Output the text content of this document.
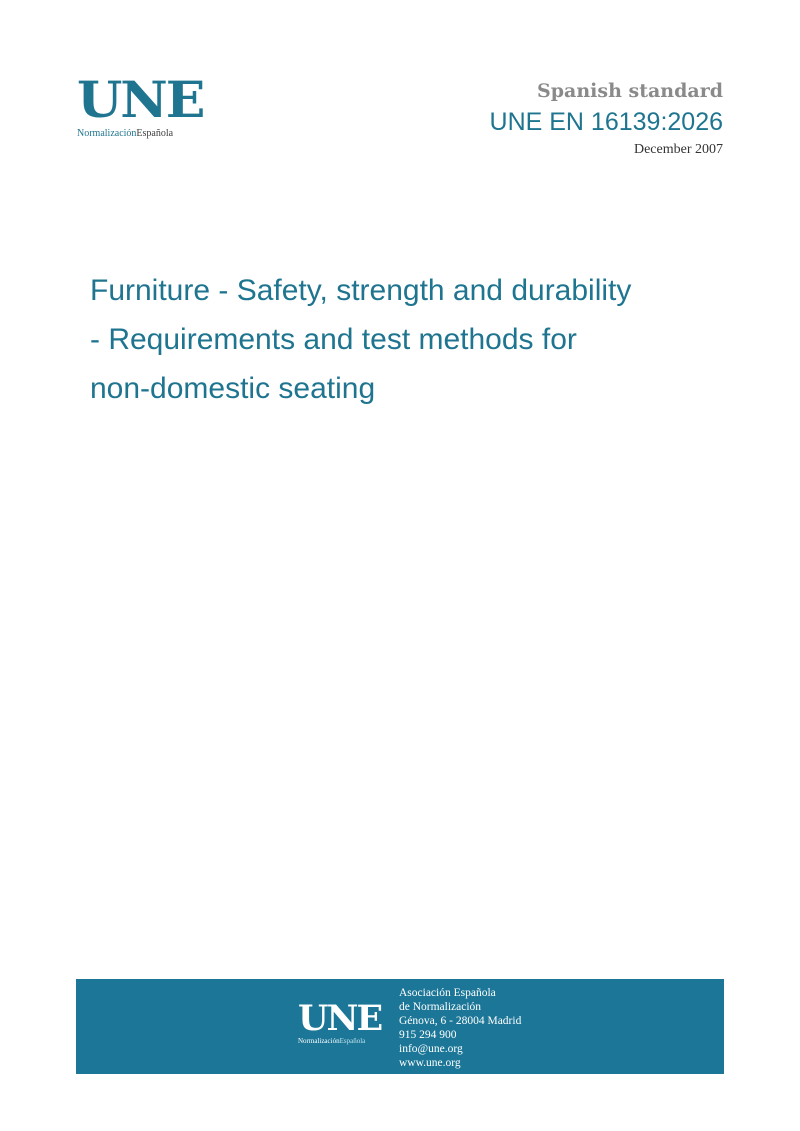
UNE
NormalizaciónEspañola
Spanish standard
UNE EN 16139:2026
December 2007
Furniture - Safety, strength and durability
- Requirements and test methods for
non-domestic seating
UNE
NormalizaciónEspañola
Asociación Española
de Normalización
Génova, 6 - 28004 Madrid
915 294 900
info@une.org
www.une.org
